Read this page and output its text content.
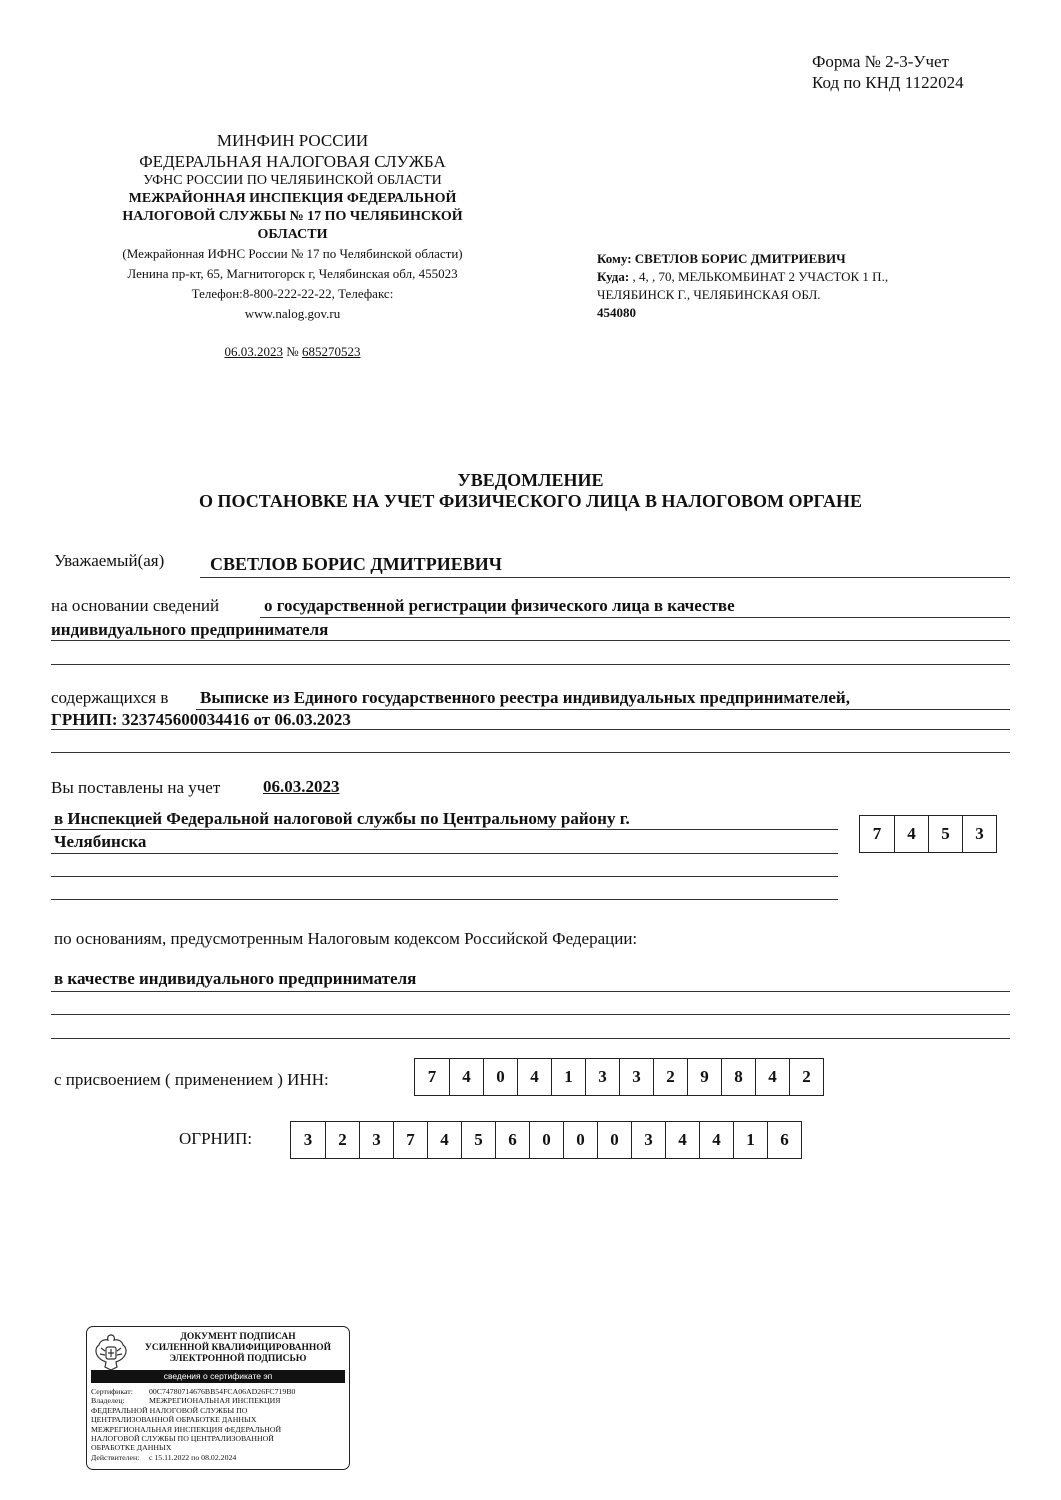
Форма № 2-3-Учет
Код по КНД 1122024
МИНФИН РОССИИ
ФЕДЕРАЛЬНАЯ НАЛОГОВАЯ СЛУЖБА
УФНС РОССИИ ПО ЧЕЛЯБИНСКОЙ ОБЛАСТИ
МЕЖРАЙОННАЯ ИНСПЕКЦИЯ ФЕДЕРАЛЬНОЙ НАЛОГОВОЙ СЛУЖБЫ № 17 ПО ЧЕЛЯБИНСКОЙ ОБЛАСТИ
(Межрайонная ИФНС России № 17 по Челябинской области)
Ленина пр-кт, 65, Магнитогорск г, Челябинская обл, 455023
Телефон:8-800-222-22-22, Телефакс:
www.nalog.gov.ru
06.03.2023 № 685270523
Кому: СВЕТЛОВ БОРИС ДМИТРИЕВИЧ
Куда: , 4, , 70, МЕЛЬКОМБИНАТ 2 УЧАСТОК 1 П.,
ЧЕЛЯБИНСК Г., ЧЕЛЯБИНСКАЯ ОБЛ.
454080
УВЕДОМЛЕНИЕ
О ПОСТАНОВКЕ НА УЧЕТ ФИЗИЧЕСКОГО ЛИЦА В НАЛОГОВОМ ОРГАНЕ
Уважаемый(ая)	СВЕТЛОВ БОРИС ДМИТРИЕВИЧ
на основании сведений	о государственной регистрации физического лица в качестве
индивидуального предпринимателя
содержащихся в Выписке из Единого государственного реестра индивидуальных предпринимателей,
ГРНИП: 323745600034416 от 06.03.2023
Вы поставлены на учет	06.03.2023
в Инспекцией Федеральной налоговой службы по Центральному району г.
Челябинска	7	4	5	3
по основаниям, предусмотренным Налоговым кодексом Российской Федерации:
в качестве индивидуального предпринимателя
с присвоением ( применением ) ИНН:	7	4	0	4	1	3	3	2	9	8	4	2
ОГРНИП:	3	2	3	7	4	5	6	0	0	0	3	4	4	1	6
ДОКУМЕНТ ПОДПИСАН
УСИЛЕННОЙ КВАЛИФИЦИРОВАННОЙ
ЭЛЕКТРОННОЙ ПОДПИСЬЮ
сведения о сертификате эп
Сертификат:	00C74780714676BB54FCA06AD26FC719B0
Владелец:	МЕЖРЕГИОНАЛЬНАЯ ИНСПЕКЦИЯ
ФЕДЕРАЛЬНОЙ НАЛОГОВОЙ СЛУЖБЫ ПО
ЦЕНТРАЛИЗОВАННОЙ ОБРАБОТКЕ ДАННЫХ
МЕЖРЕГИОНАЛЬНАЯ ИНСПЕКЦИЯ ФЕДЕРАЛЬНОЙ
НАЛОГОВОЙ СЛУЖБЫ ПО ЦЕНТРАЛИЗОВАННОЙ
ОБРАБОТКЕ ДАННЫХ
Действителен:	с 15.11.2022 по 08.02.2024
